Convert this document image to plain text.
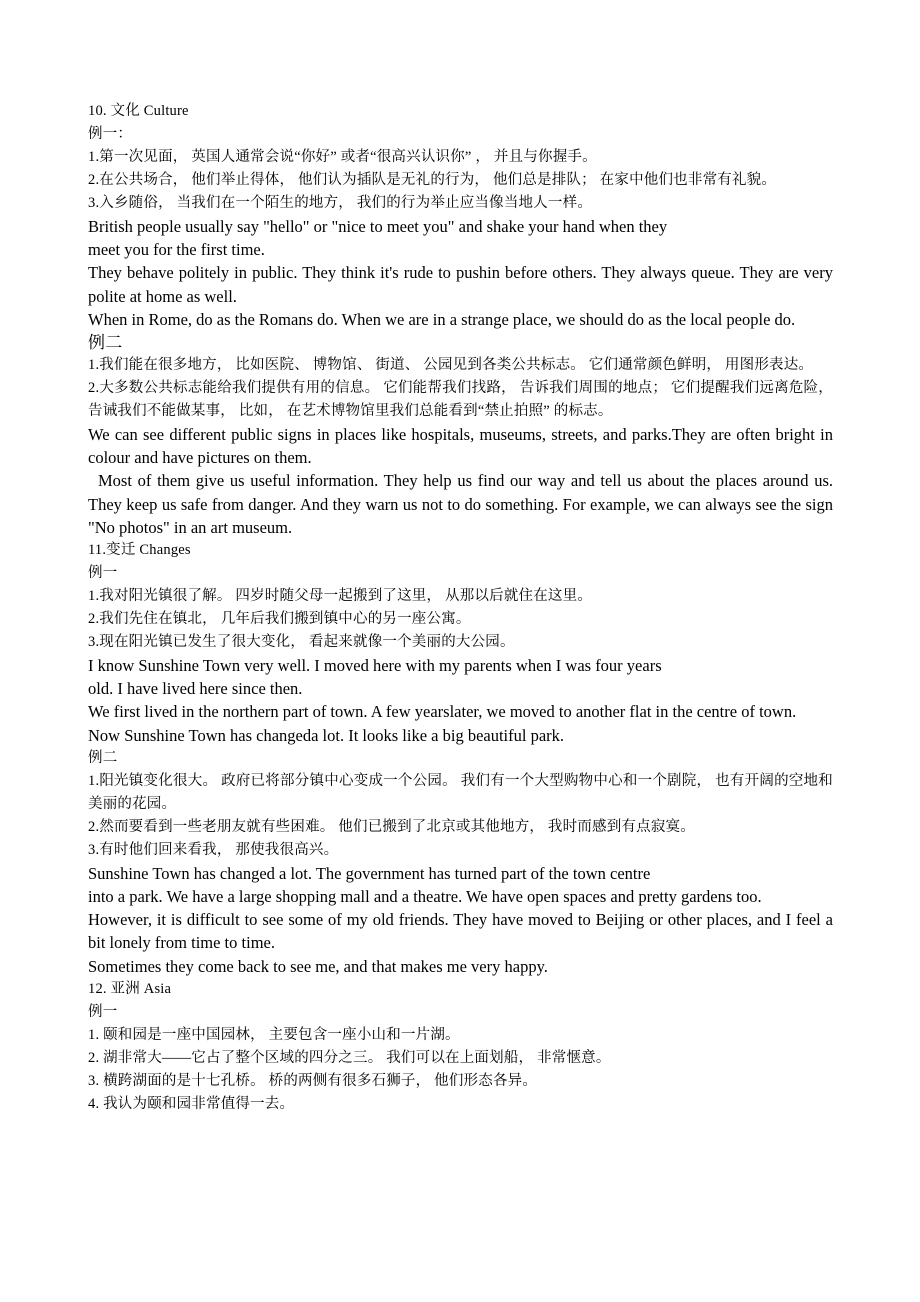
10. 文化 Culture

例一：

1.第一次见面， 英国人通常会说“你好” 或者“很高兴认识你” ， 并且与你握手。

2.在公共场合， 他们举止得体， 他们认为插队是无礼的行为， 他们总是排队； 在家中他们也非常有礼貌。

3.入乡随俗， 当我们在一个陌生的地方， 我们的行为举止应当像当地人一样。

British people usually say "hello" or "nice to meet you" and shake your hand when they

meet you for the first time.

They behave politely in public. They think it's rude to pushin before others. They always queue. They are very polite at home as well.

When in Rome, do as the Romans do. When we are in a strange place, we should do as the local people do.

例二

1.我们能在很多地方， 比如医院、 博物馆、 街道、 公园见到各类公共标志。 它们通常颜色鲜明， 用图形表达。

2.大多数公共标志能给我们提供有用的信息。 它们能帮我们找路， 告诉我们周围的地点； 它们提醒我们远离危险， 告诫我们不能做某事， 比如， 在艺术博物馆里我们总能看到“禁止拍照” 的标志。

We can see different public signs in places like hospitals, museums, streets, and parks.They are often bright in colour and have pictures on them.

Most of them give us useful information. They help us find our way and tell us about the places around us. They keep us safe from danger. And they warn us not to do something. For example, we can always see the sign "No photos" in an art museum.

11.变迁 Changes

例一

1.我对阳光镇很了解。 四岁时随父母一起搬到了这里， 从那以后就住在这里。

2.我们先住在镇北， 几年后我们搬到镇中心的另一座公寓。

3.现在阳光镇已发生了很大变化， 看起来就像一个美丽的大公园。

I know Sunshine Town very well. I moved here with my parents when I was four years

old. I have lived here since then.

We first lived in the northern part of town. A few yearslater, we moved to another flat in the centre of town.

Now Sunshine Town has changeda lot. It looks like a big beautiful park.

例二

1.阳光镇变化很大。 政府已将部分镇中心变成一个公园。 我们有一个大型购物中心和一个剧院， 也有开阔的空地和美丽的花园。

2.然而要看到一些老朋友就有些困难。 他们已搬到了北京或其他地方， 我时而感到有点寂寞。

3.有时他们回来看我， 那使我很高兴。

Sunshine Town has changed a lot. The government has turned part of the town centre

into a park. We have a large shopping mall and a theatre. We have open spaces and pretty gardens too.

However, it is difficult to see some of my old friends. They have moved to Beijing or other places, and I feel a bit lonely from time to time.

Sometimes they come back to see me, and that makes me very happy.

12. 亚洲 Asia

例一

1. 颐和园是一座中国园林， 主要包含一座小山和一片湖。

2. 湖非常大——它占了整个区域的四分之三。 我们可以在上面划船， 非常惬意。

3. 横跨湖面的是十七孔桥。 桥的两侧有很多石狮子， 他们形态各异。

4. 我认为颐和园非常值得一去。
